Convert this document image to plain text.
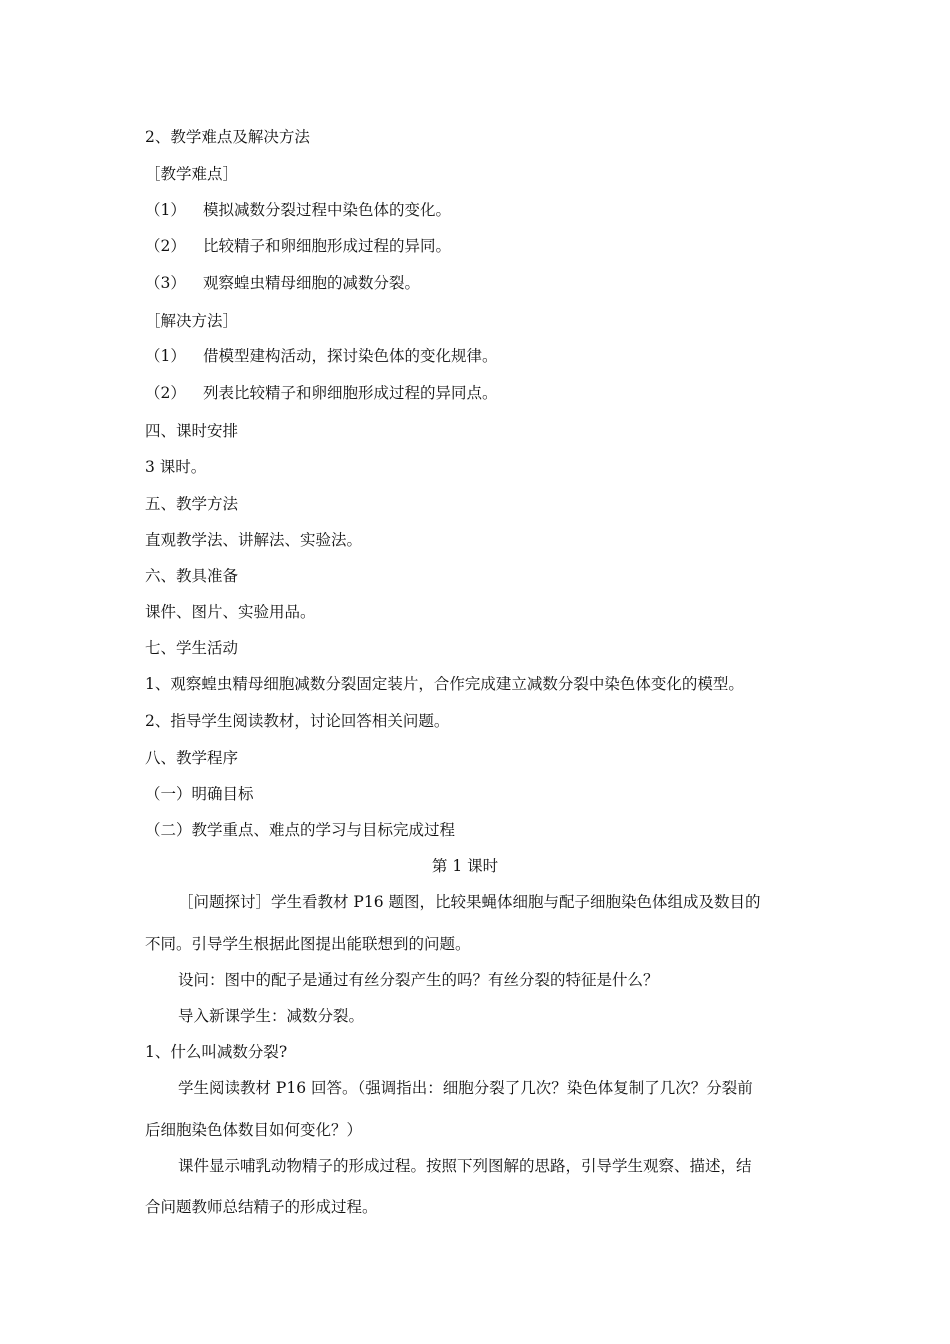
2、教学难点及解决方法
［教学难点］
（1） 模拟减数分裂过程中染色体的变化。
（2） 比较精子和卵细胞形成过程的异同。
（3） 观察蝗虫精母细胞的减数分裂。
［解决方法］
（1） 借模型建构活动，探讨染色体的变化规律。
（2） 列表比较精子和卵细胞形成过程的异同点。
四、课时安排
3 课时。
五、教学方法
直观教学法、讲解法、实验法。
六、教具准备
课件、图片、实验用品。
七、学生活动
1、观察蝗虫精母细胞减数分裂固定装片，合作完成建立减数分裂中染色体变化的模型。
2、指导学生阅读教材，讨论回答相关问题。
八、教学程序
（一）明确目标
（二）教学重点、难点的学习与目标完成过程
第 1 课时
［问题探讨］学生看教材 P16 题图，比较果蝇体细胞与配子细胞染色体组成及数目的
不同。引导学生根据此图提出能联想到的问题。
设问：图中的配子是通过有丝分裂产生的吗？有丝分裂的特征是什么？
导入新课学生：减数分裂。
1、什么叫减数分裂?
学生阅读教材 P16 回答。（强调指出：细胞分裂了几次？染色体复制了几次？分裂前
后细胞染色体数目如何变化？）
课件显示哺乳动物精子的形成过程。按照下列图解的思路，引导学生观察、描述，结
合问题教师总结精子的形成过程。
